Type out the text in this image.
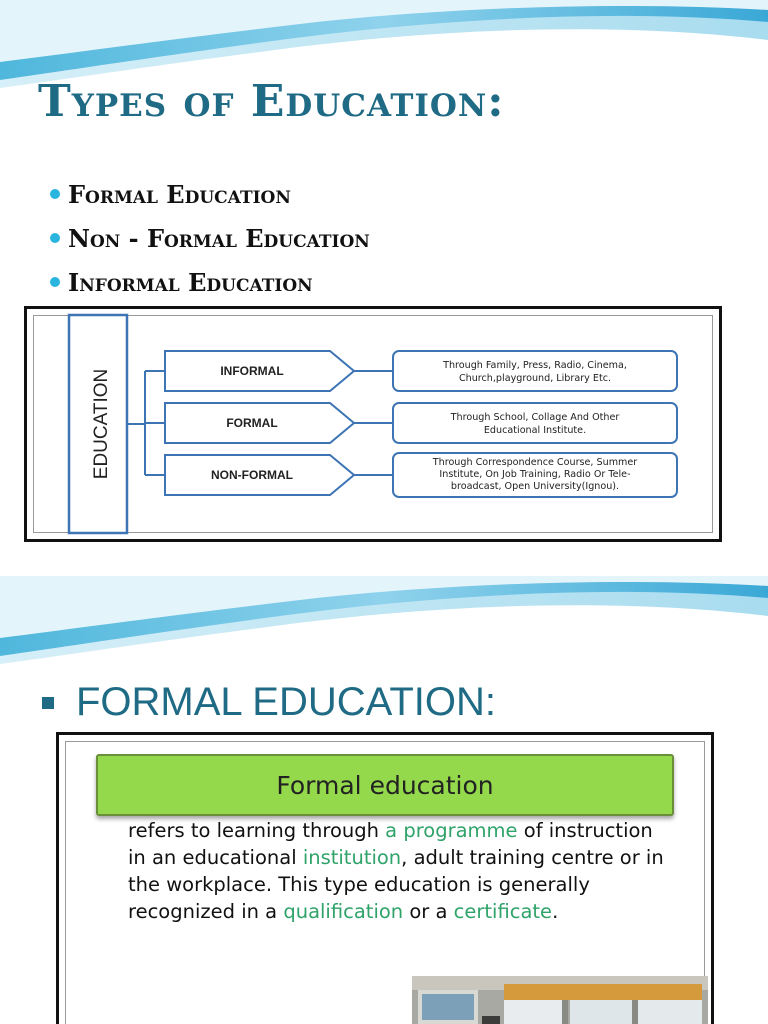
Types of Education:
Formal Education
Non - Formal Education
Informal Education
EDUCATION	INFORMAL
FORMAL
NON-FORMAL
Through Family, Press, Radio, Cinema,
Church,playground, Library Etc.
Through School, Collage And Other
Educational Institute.
Through Correspondence Course, Summer
Institute, On Job Training, Radio Or Tele-
broadcast, Open University(Ignou).
FORMAL EDUCATION:
Formal education

refers to learning through a programme of instruction in an educational institution, adult training centre or in the workplace. This type education is generally recognized in a qualification or a certificate.
